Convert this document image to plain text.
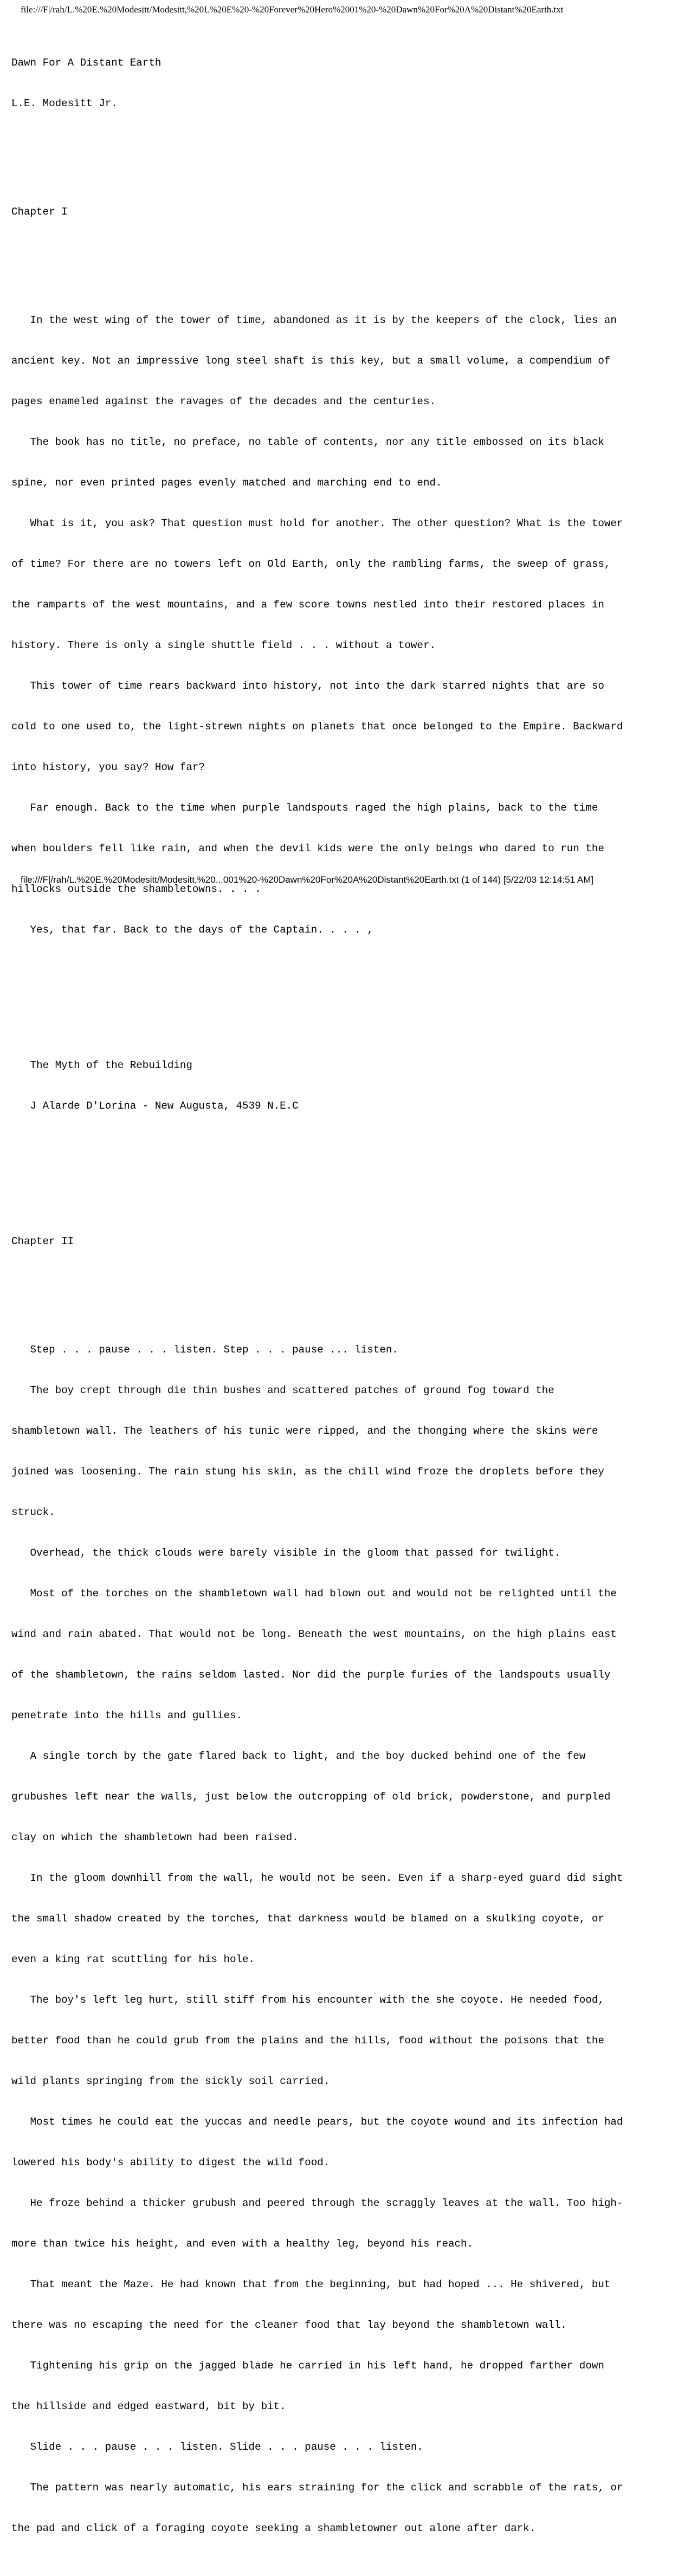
file:///F|/rah/L.%20E.%20Modesitt/Modesitt,%20L%20E%20-%20Forever%20Hero%2001%20-%20Dawn%20For%20A%20Distant%20Earth.txt

Dawn For A Distant Earth

L.E. Modesitt Jr.

Chapter I

In the west wing of the tower of time, abandoned as it is by the keepers of the clock, lies an

ancient key. Not an impressive long steel shaft is this key, but a small volume, a compendium of

pages enameled against the ravages of the decades and the centuries.

The book has no title, no preface, no table of contents, nor any title embossed on its black

spine, nor even printed pages evenly matched and marching end to end.

What is it, you ask? That question must hold for another. The other question? What is the tower

of time? For there are no towers left on Old Earth, only the rambling farms, the sweep of grass,

the ramparts of the west mountains, and a few score towns nestled into their restored places in

history. There is only a single shuttle field . . . without a tower.

This tower of time rears backward into history, not into the dark starred nights that are so

cold to one used to, the light-strewn nights on planets that once belonged to the Empire. Backward

into history, you say? How far?

Far enough. Back to the time when purple landspouts raged the high plains, back to the time

when boulders fell like rain, and when the devil kids were the only beings who dared to run the

hillocks outside the shambletowns. . . .

Yes, that far. Back to the days of the Captain. . . . ,

The Myth of the Rebuilding

J Alarde D'Lorina - New Augusta, 4539 N.E.C

Chapter II

Step . . . pause . . . listen. Step . . . pause ... listen.

The boy crept through die thin bushes and scattered patches of ground fog toward the

shambletown wall. The leathers of his tunic were ripped, and the thonging where the skins were

joined was loosening. The rain stung his skin, as the chill wind froze the droplets before they

struck.

Overhead, the thick clouds were barely visible in the gloom that passed for twilight.

Most of the torches on the shambletown wall had blown out and would not be relighted until the

wind and rain abated. That would not be long. Beneath the west mountains, on the high plains east

of the shambletown, the rains seldom lasted. Nor did the purple furies of the landspouts usually

penetrate into the hills and gullies.

A single torch by the gate flared back to light, and the boy ducked behind one of the few

grubushes left near the walls, just below the outcropping of old brick, powderstone, and purpled

clay on which the shambletown had been raised.

In the gloom downhill from the wall, he would not be seen. Even if a sharp-eyed guard did sight

the small shadow created by the torches, that darkness would be blamed on a skulking coyote, or

even a king rat scuttling for his hole.

The boy's left leg hurt, still stiff from his encounter with the she coyote. He needed food,

better food than he could grub from the plains and the hills, food without the poisons that the

wild plants springing from the sickly soil carried.

Most times he could eat the yuccas and needle pears, but the coyote wound and its infection had

lowered his body's ability to digest the wild food.

He froze behind a thicker grubush and peered through the scraggly leaves at the wall. Too high-

more than twice his height, and even with a healthy leg, beyond his reach.

That meant the Maze. He had known that from the beginning, but had hoped ... He shivered, but

there was no escaping the need for the cleaner food that lay beyond the shambletown wall.

Tightening his grip on the jagged blade he carried in his left hand, he dropped farther down

the hillside and edged eastward, bit by bit.

Slide . . . pause . . . listen. Slide . . . pause . . . listen.

The pattern was nearly automatic, his ears straining for the click and scrabble of the rats, or

the pad and click of a foraging coyote seeking a shambletowner out alone after dark.

file:///F|/rah/L.%20E.%20Modesitt/Modesitt,%20...001%20-%20Dawn%20For%20A%20Distant%20Earth.txt (1 of 144) [5/22/03 12:14:51 AM]
